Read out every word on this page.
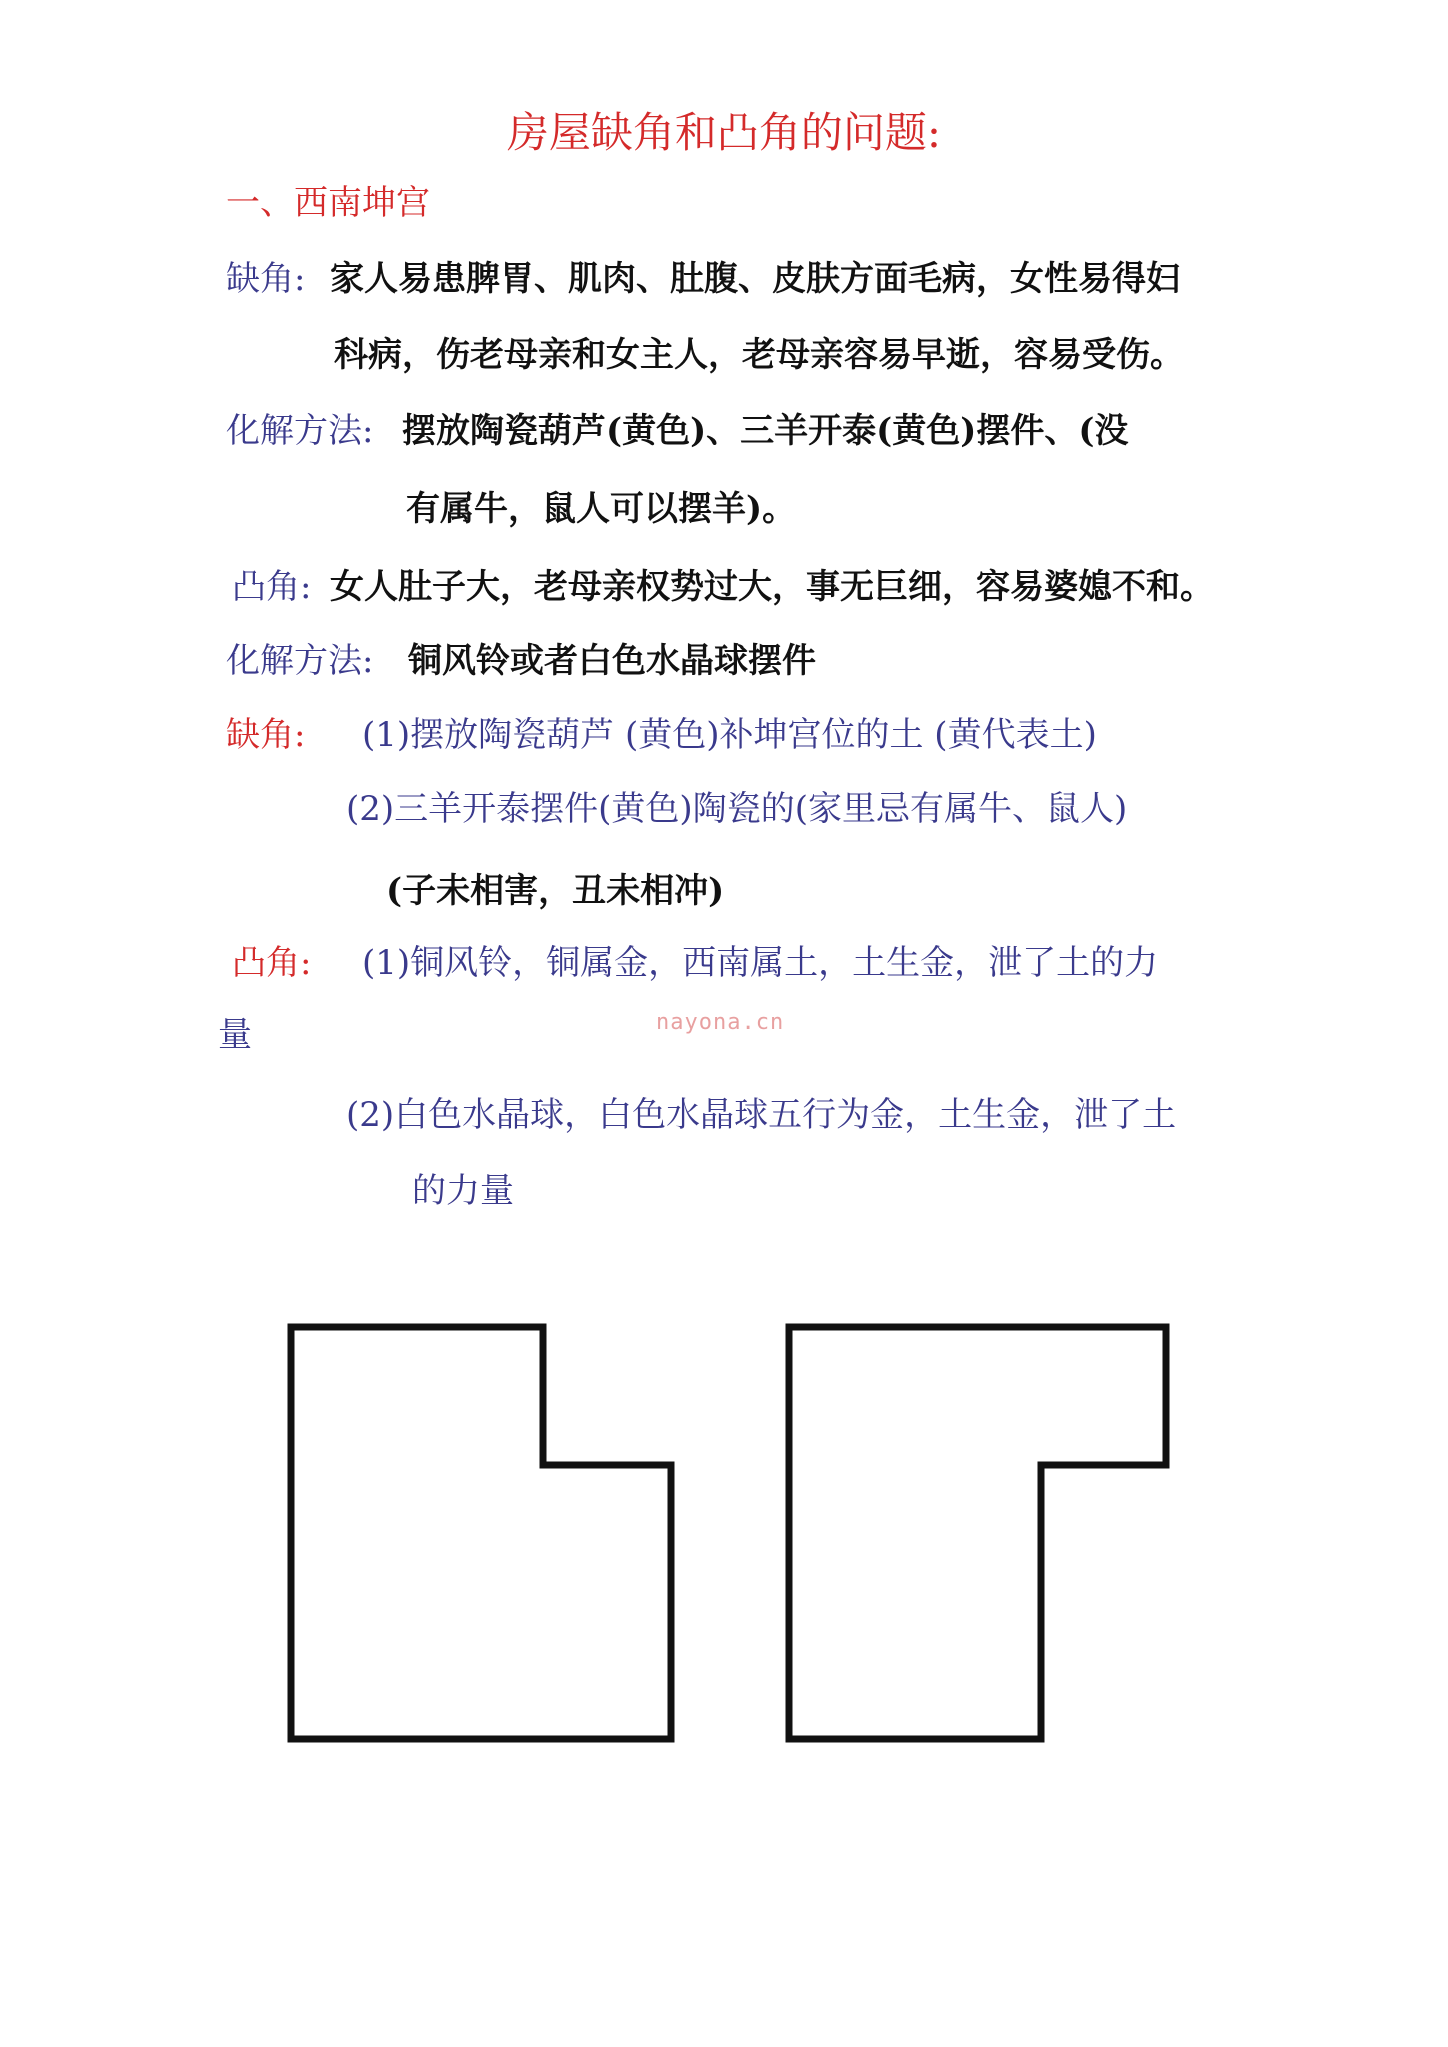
房屋缺角和凸角的问题:
一、西南坤宫
缺角: 家人易患脾胃、肌肉、肚腹、皮肤方面毛病，女性易得妇
科病，伤老母亲和女主人，老母亲容易早逝，容易受伤。
化解方法: 摆放陶瓷葫芦(黄色)、三羊开泰(黄色)摆件、(没
有属牛，鼠人可以摆羊)。
凸角: 女人肚子大，老母亲权势过大，事无巨细，容易婆媳不和。
化解方法: 铜风铃或者白色水晶球摆件
缺角: (1)摆放陶瓷葫芦 (黄色)补坤宫位的土 (黄代表土)
(2)三羊开泰摆件(黄色)陶瓷的(家里忌有属牛、鼠人)
(子未相害，丑未相冲)
凸角: (1)铜风铃，铜属金，西南属土，土生金，泄了土的力
量	nayona.cn
(2)白色水晶球，白色水晶球五行为金，土生金，泄了土
的力量
